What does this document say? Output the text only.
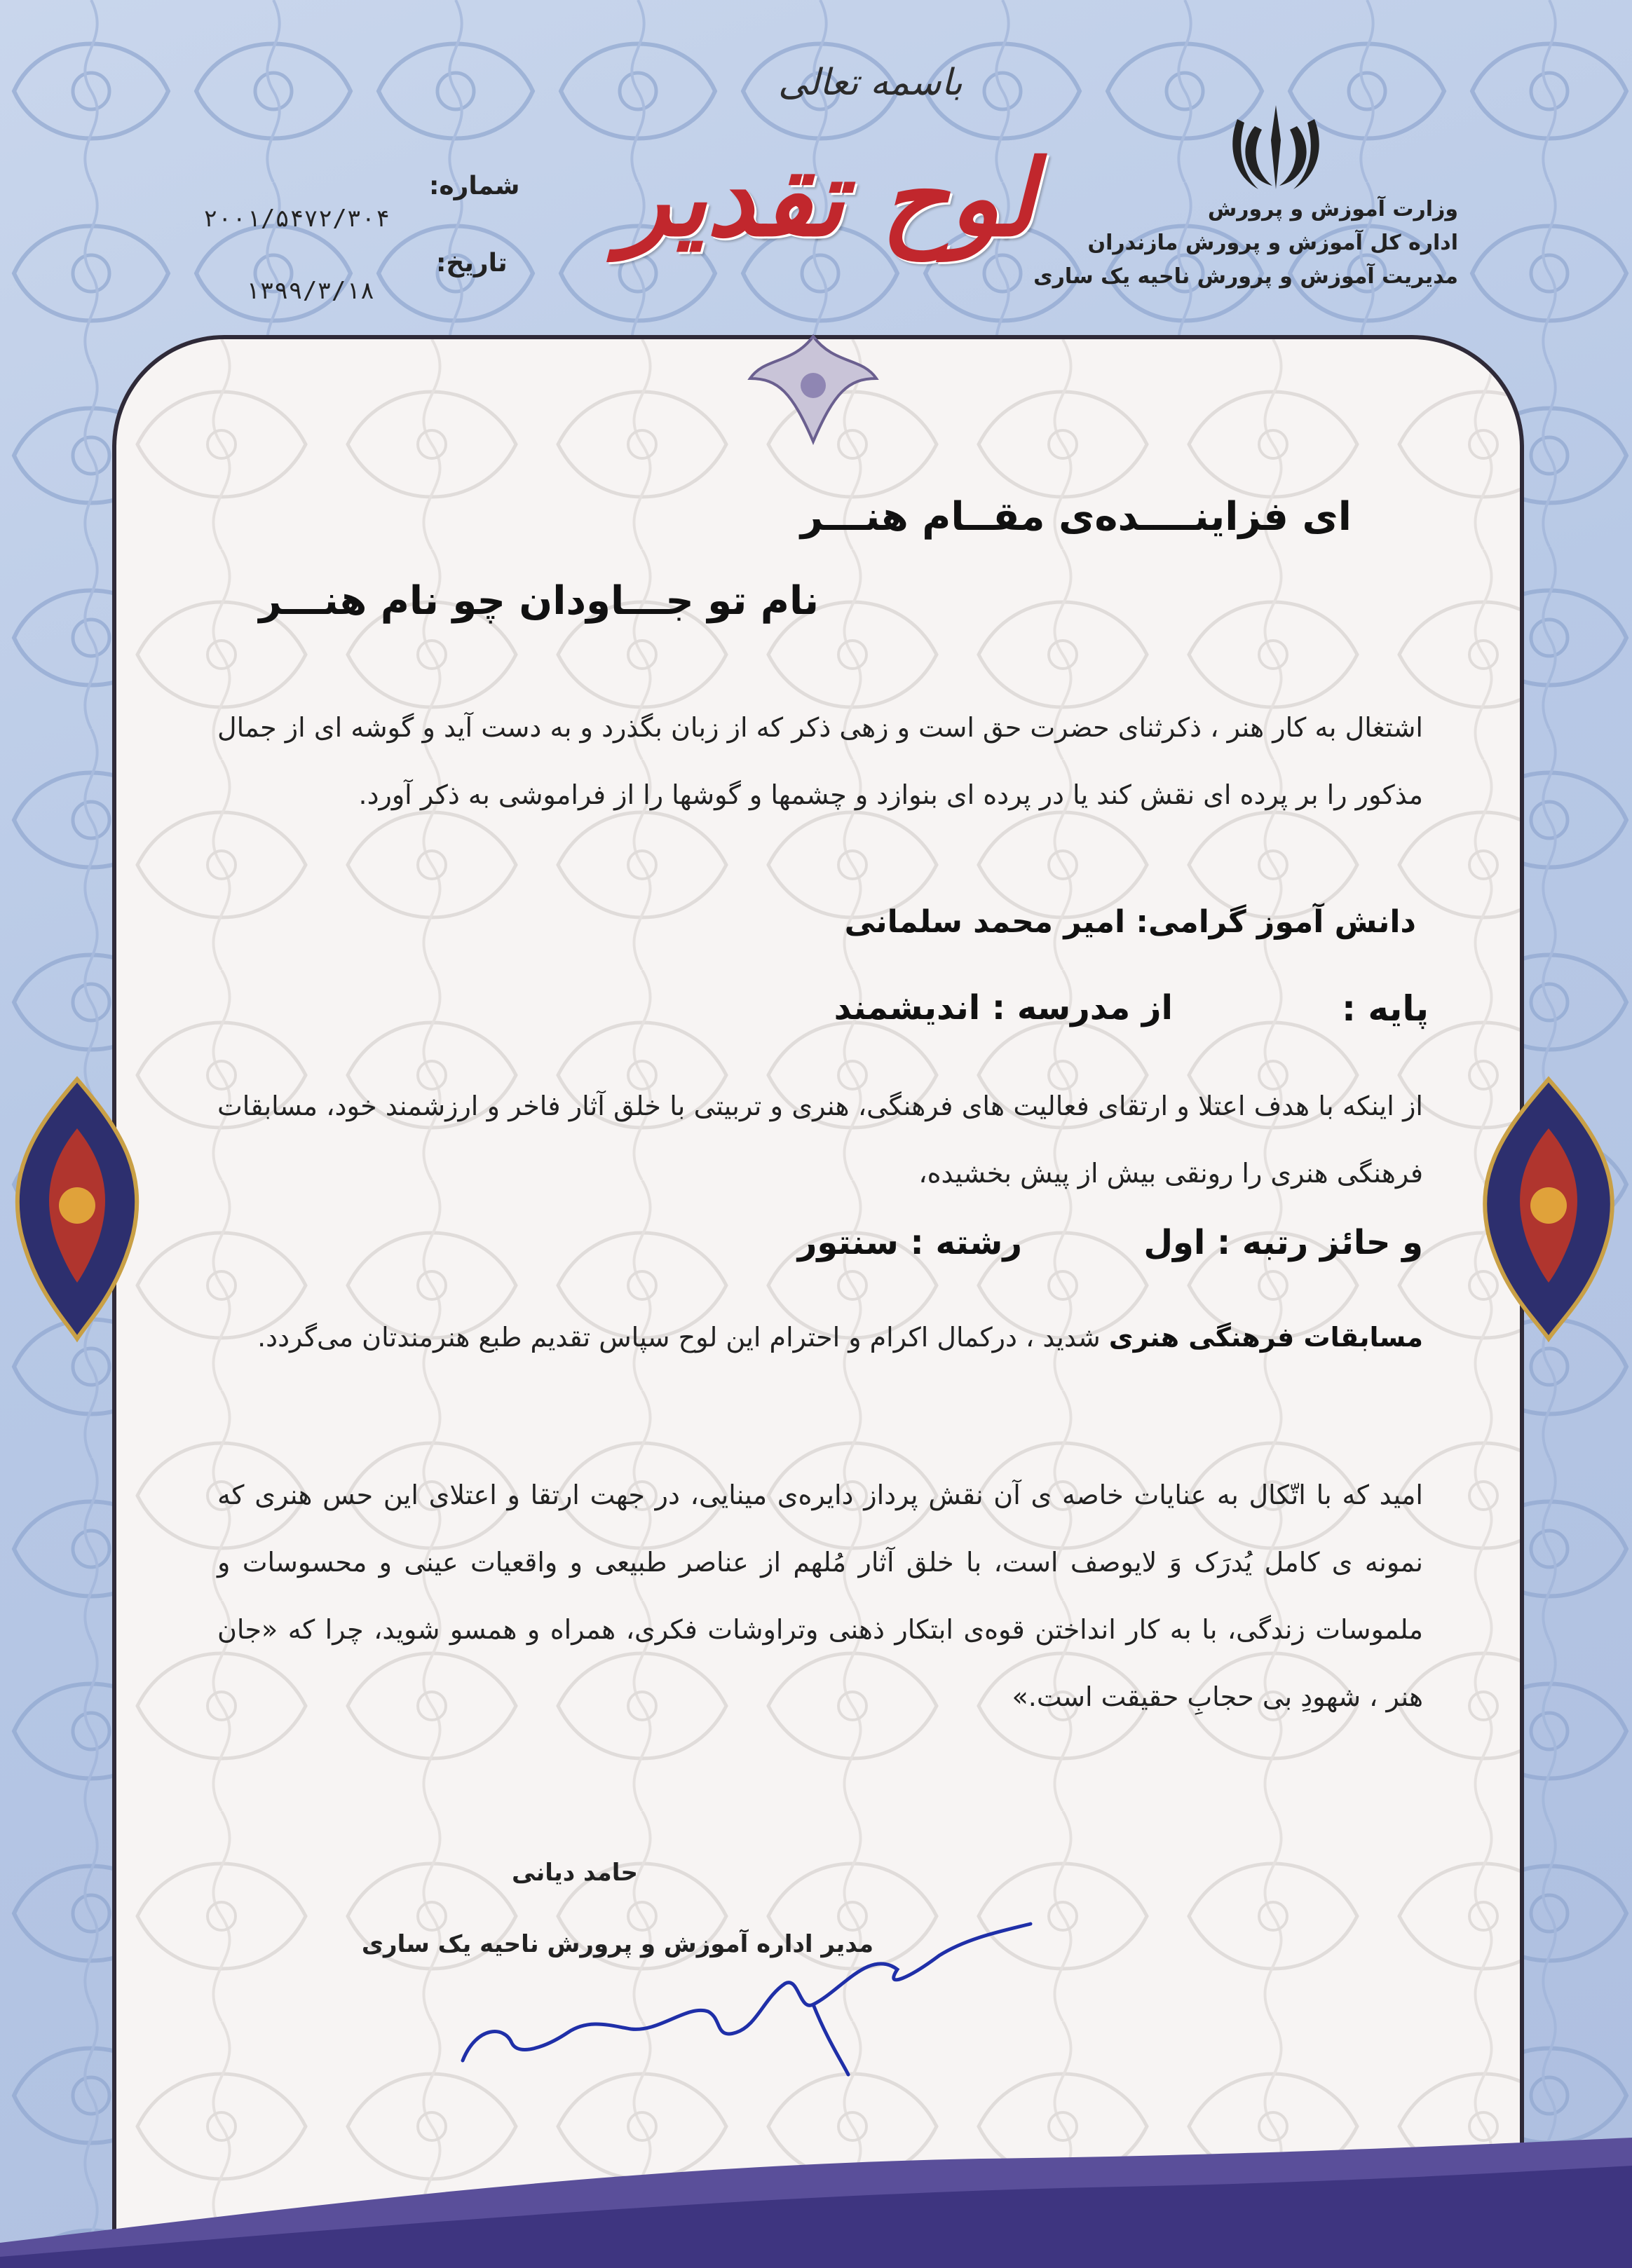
وزارت آموزش و پرورش
اداره کل آموزش و پرورش مازندران
مدیریت آموزش و پرورش ناحیه یک ساری
باسمه تعالی
لوح تقدیر
شماره:
۲۰۰۱/۵۴۷۲/۳۰۴
تاریخ:
۱۳۹۹/۳/۱۸
ای فزاینــــده‌ی مقــام هنـــر
نام تو جـــاودان چو نام هنـــر
اشتغال به کار هنر ، ذکرثنای حضرت حق است و زهی ذکر که از زبان بگذرد و به دست آید و گوشه ای از جمال مذکور را بر پرده ای نقش کند یا در پرده ای بنوازد و چشمها و گوشها را از فراموشی به ذکر آورد.
دانش آموز گرامی: امیر محمد سلمانی
پایه :
از مدرسه : اندیشمند
از اینکه با هدف اعتلا و ارتقای فعالیت های فرهنگی، هنری و تربیتی با خلق آثار فاخر و ارزشمند خود، مسابقات فرهنگی هنری را رونقی بیش از پیش بخشیده،
و حائز رتبه : اول
رشته : سنتور
مسابقات فرهنگی هنری شدید ، درکمال اکرام و احترام این لوح سپاس تقدیم طبع هنرمندتان می‌گردد.
امید که با اتّکال به عنایات خاصه ی آن نقش پرداز دایره‌ی مینایی، در جهت ارتقا و اعتلای این حس هنری که نمونه ی کامل یُدرَک وَ لایوصف است، با خلق آثار مُلهم از عناصر طبیعی و واقعیات عینی و محسوسات و ملموسات زندگی، با به کار انداختن قوه‌ی ابتکار ذهنی وتراوشات فکری، همراه و همسو شوید، چرا که «جان هنر ، شهودِ بی حجابِ حقیقت است.»
حامد دیانی
مدیر اداره آموزش و پرورش ناحیه یک ساری
